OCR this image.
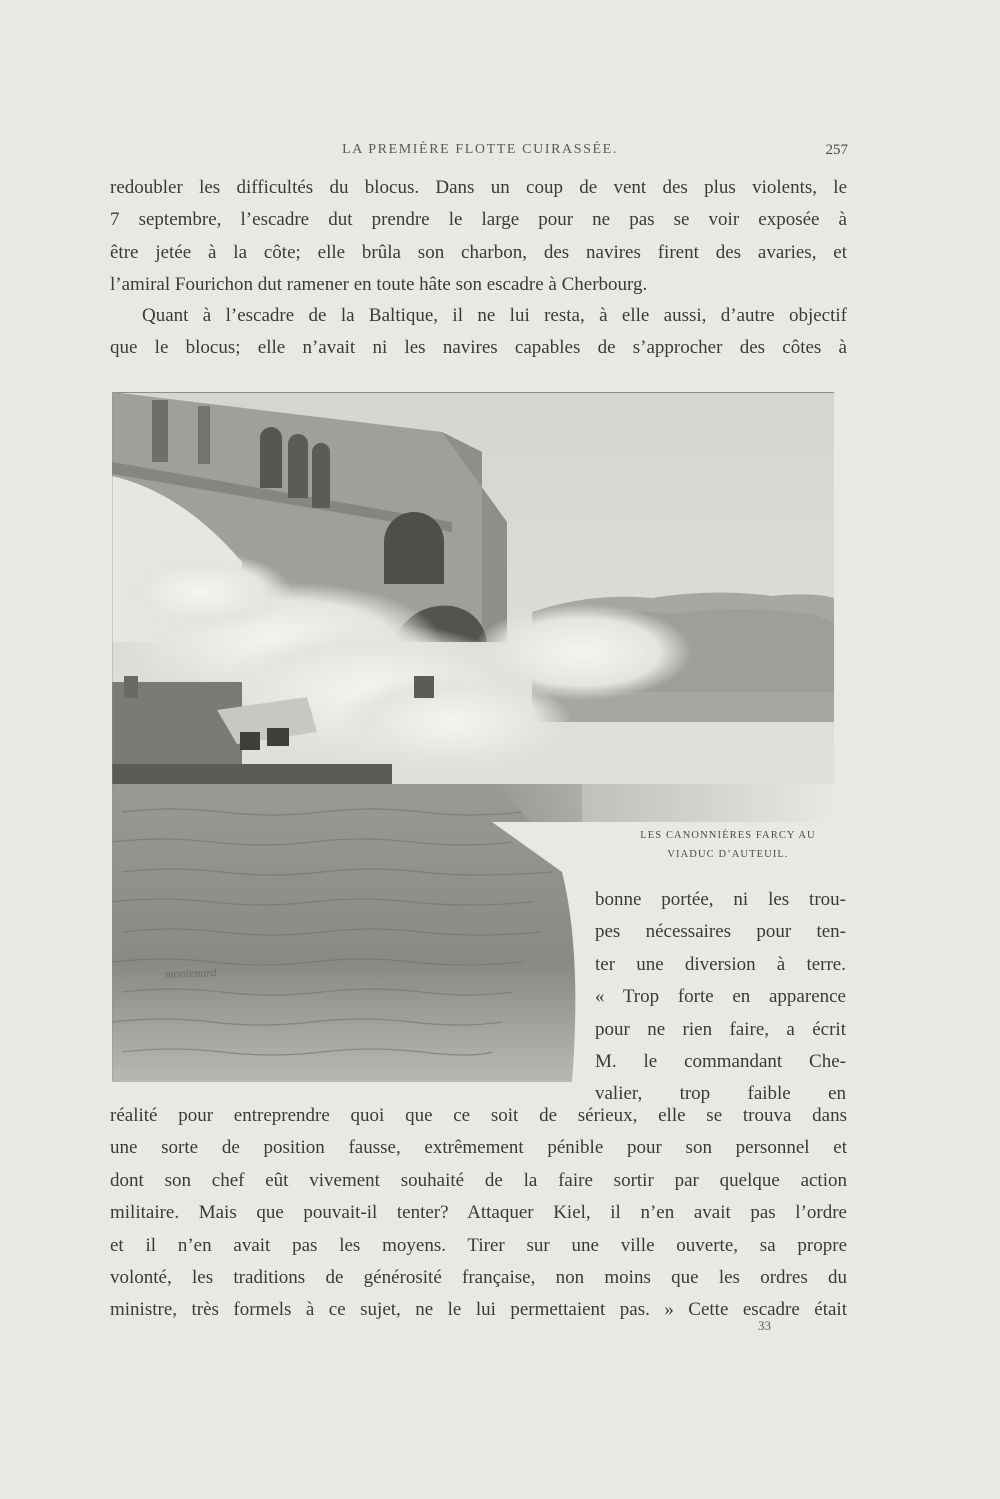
LA PREMIÈRE FLOTTE CUIRASSÉE.	257

redoubler les difficultés du blocus. Dans un coup de vent des plus violents, le
7 septembre, l’escadre dut prendre le large pour ne pas se voir exposée à
être jetée à la côte; elle brûla son charbon, des navires firent des avaries, et
l’amiral Fourichon dut ramener en toute hâte son escadre à Cherbourg.

Quant à l’escadre de la Baltique, il ne lui resta, à elle aussi, d’autre objectif
que le blocus; elle n’avait ni les navires capables de s’approcher des côtes à

montenard
LES CANONNIÈRES FARCY AU
VIADUC D’AUTEUIL.

bonne portée, ni les trou-
pes nécessaires pour ten-
ter une diversion à terre.
« Trop forte en apparence
pour ne rien faire, a écrit
M. le commandant Che-
valier, trop faible en

réalité pour entreprendre quoi que ce soit de sérieux, elle se trouva dans
une sorte de position fausse, extrêmement pénible pour son personnel et
dont son chef eût vivement souhaité de la faire sortir par quelque action
militaire. Mais que pouvait-il tenter? Attaquer Kiel, il n’en avait pas l’ordre
et il n’en avait pas les moyens. Tirer sur une ville ouverte, sa propre
volonté, les traditions de générosité française, non moins que les ordres du
ministre, très formels à ce sujet, ne le lui permettaient pas. » Cette escadre était

33
